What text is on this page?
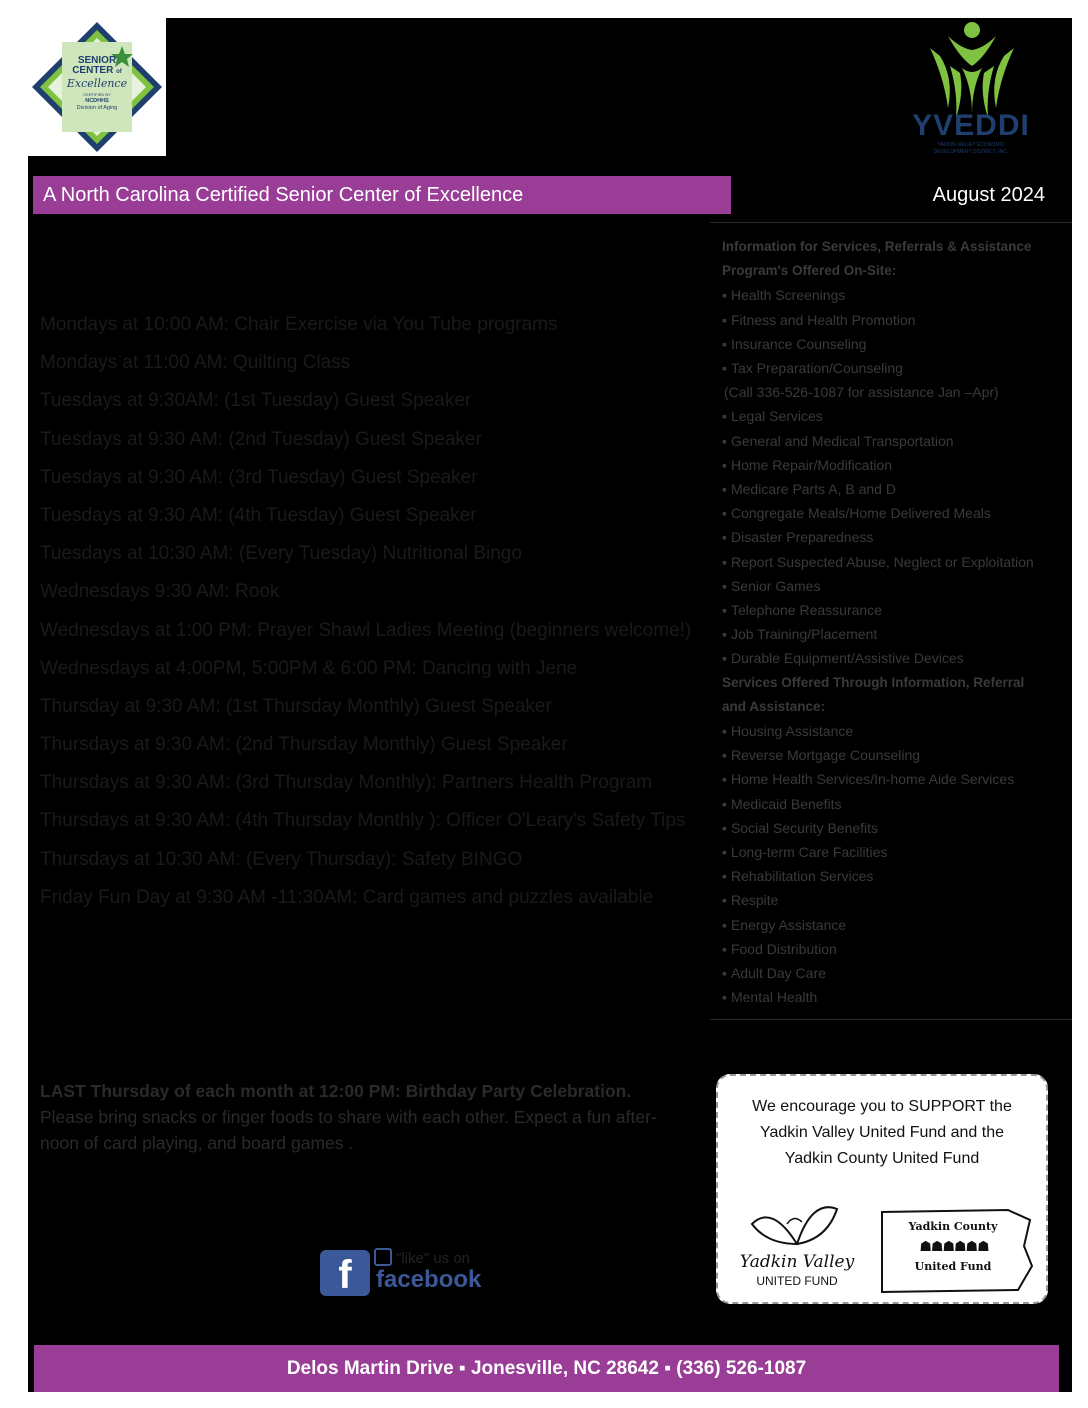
SENIOR
CENTER of
Excellence
CERTIFIED BY
NCDHHS
Division of Aging
YVEDDI
YADKIN VALLEY ECONOMIC
DEVELOPMENT DISTRICT, INC.
A North Carolina Certified Senior Center of Excellence	August 2024
Mondays at 10:00 AM: Chair Exercise via You Tube programs
Mondays at 11:00 AM: Quilting Class
Tuesdays at 9:30AM: (1st Tuesday) Guest Speaker
Tuesdays at 9:30 AM: (2nd Tuesday) Guest Speaker
Tuesdays at 9:30 AM: (3rd Tuesday) Guest Speaker
Tuesdays at 9:30 AM: (4th Tuesday) Guest Speaker
Tuesdays at 10:30 AM: (Every Tuesday) Nutritional Bingo
Wednesdays 9:30 AM: Rook
Wednesdays at 1:00 PM: Prayer Shawl Ladies Meeting (beginners welcome!)
Wednesdays at 4:00PM, 5:00PM & 6:00 PM: Dancing with Jene
Thursday at 9:30 AM: (1st Thursday Monthly) Guest Speaker
Thursdays at 9:30 AM: (2nd Thursday Monthly) Guest Speaker
Thursdays at 9:30 AM: (3rd Thursday Monthly): Partners Health Program
Thursdays at 9:30 AM: (4th Thursday Monthly ): Officer O'Leary's Safety Tips
Thursdays at 10:30 AM: (Every Thursday): Safety BINGO
Friday Fun Day at 9:30 AM -11:30AM: Card games and puzzles available
Information for Services, Referrals & Assistance
Program's Offered On-Site:
▪ Health Screenings
▪ Fitness and Health Promotion
▪ Insurance Counseling
▪ Tax Preparation/Counseling
(Call 336-526-1087 for assistance Jan –Apr)
▪ Legal Services
▪ General and Medical Transportation
▪ Home Repair/Modification
▪ Medicare Parts A, B and D
▪ Congregate Meals/Home Delivered Meals
▪ Disaster Preparedness
▪ Report Suspected Abuse, Neglect or Exploitation
▪ Senior Games
▪ Telephone Reassurance
▪ Job Training/Placement
▪ Durable Equipment/Assistive Devices
Services Offered Through Information, Referral
and Assistance:
▪ Housing Assistance
▪ Reverse Mortgage Counseling
▪ Home Health Services/In-home Aide Services
▪ Medicaid Benefits
▪ Social Security Benefits
▪ Long-term Care Facilities
▪ Rehabilitation Services
▪ Respite
▪ Energy Assistance
▪ Food Distribution
▪ Adult Day Care
▪ Mental Health
LAST Thursday of each month at 12:00 PM: Birthday Party Celebration.
Please bring snacks or finger foods to share with each other. Expect a fun after-
noon of card playing, and board games .
f	"like" us on
facebook
We encourage you to SUPPORT the
Yadkin Valley United Fund and the
Yadkin County United Fund
Yadkin Valley
UNITED FUND
Yadkin County
☗☗☗☗☗☗
United Fund
Delos Martin Drive ▪ Jonesville, NC 28642 ▪ (336) 526-1087
